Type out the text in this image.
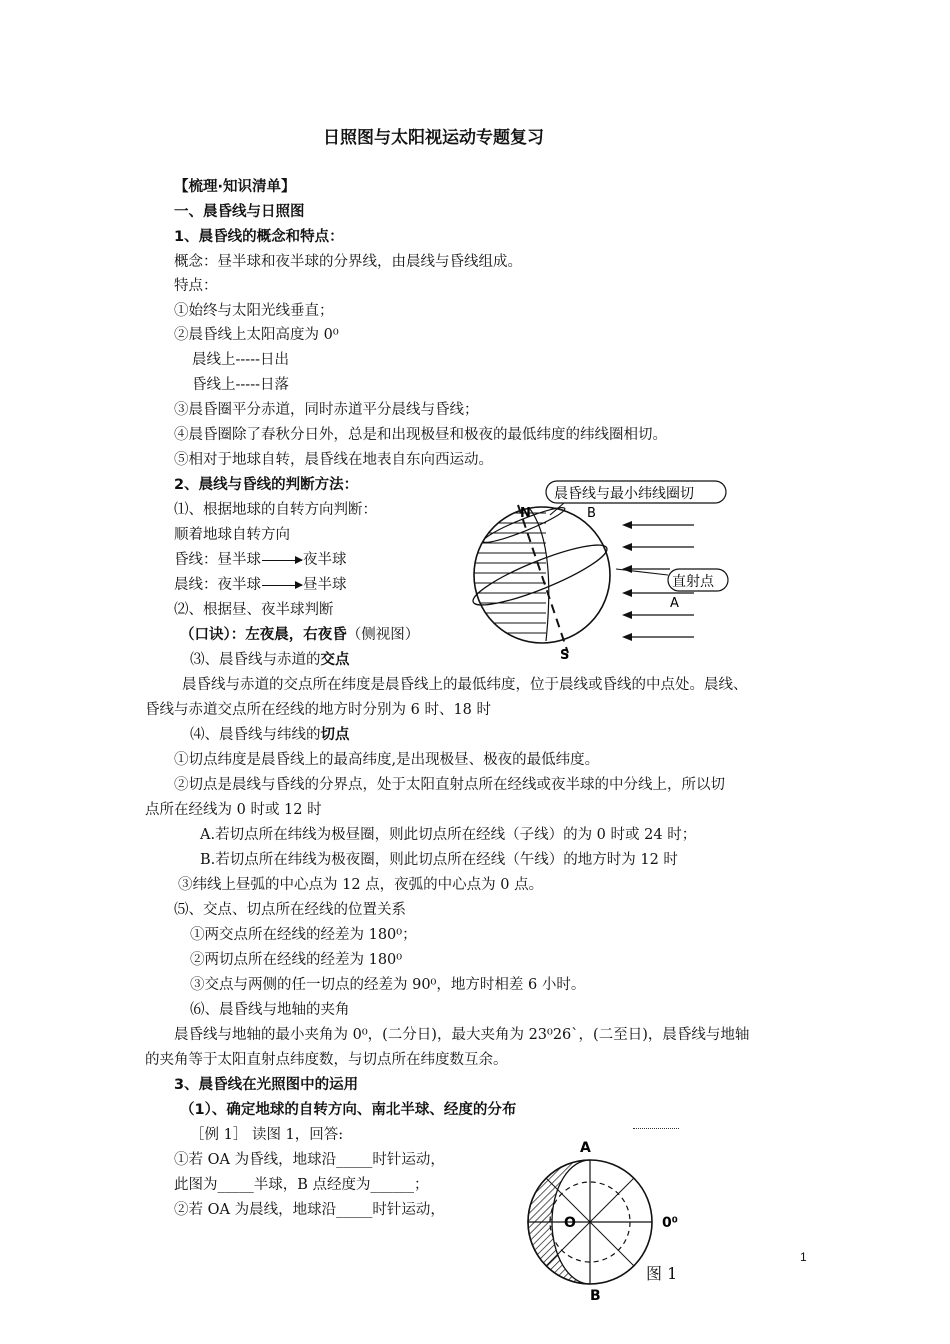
日照图与太阳视运动专题复习
【梳理·知识清单】
一、晨昏线与日照图
1、晨昏线的概念和特点：
概念：昼半球和夜半球的分界线，由晨线与昏线组成。
特点：
①始终与太阳光线垂直；
②晨昏线上太阳高度为 0⁰
晨线上-----日出
昏线上-----日落
③晨昏圈平分赤道，同时赤道平分晨线与昏线；
④晨昏圈除了春秋分日外，总是和出现极昼和极夜的最低纬度的纬线圈相切。
⑤相对于地球自转，晨昏线在地表自东向西运动。
2、晨线与昏线的判断方法：
⑴、根据地球的自转方向判断：
顺着地球自转方向
昏线：昼半球	夜半球
晨线：夜半球	昼半球
⑵、根据昼、夜半球判断
（口诀）：左夜晨，右夜昏（侧视图）
⑶、晨昏线与赤道的交点
晨昏线与赤道的交点所在纬度是晨昏线上的最低纬度，位于晨线或昏线的中点处。晨线、
昏线与赤道交点所在经线的地方时分别为 6 时、18 时
⑷、晨昏线与纬线的切点
①切点纬度是晨昏线上的最高纬度,是出现极昼、极夜的最低纬度。
②切点是晨线与昏线的分界点，处于太阳直射点所在经线或夜半球的中分线上，所以切
点所在经线为 0 时或 12 时
A.若切点所在纬线为极昼圈，则此切点所在经线（子线）的为 0 时或 24 时；
B.若切点所在纬线为极夜圈，则此切点所在经线（午线）的地方时为 12 时
③纬线上昼弧的中心点为 12 点，夜弧的中心点为 0 点。
⑸、交点、切点所在经线的位置关系
①两交点所在经线的经差为 180⁰；
②两切点所在经线的经差为 180⁰
③交点与两侧的任一切点的经差为 90⁰，地方时相差 6 小时。
⑹、晨昏线与地轴的夹角
晨昏线与地轴的最小夹角为 0⁰，(二分日)，最大夹角为 23⁰26`，(二至日)，晨昏线与地轴
的夹角等于太阳直射点纬度数，与切点所在纬度数互余。
3、晨昏线在光照图中的运用
（1）、确定地球的自转方向、南北半球、经度的分布
［例 1］ 读图 1，回答:
①若 OA 为昏线，地球沿_____时针运动，
此图为_____半球，B 点经度为______；
②若 OA 为晨线，地球沿_____时针运动，
N
S
B
晨昏线与最小纬线圈切
直射点
A
A
O	0⁰
B
图 1
1
